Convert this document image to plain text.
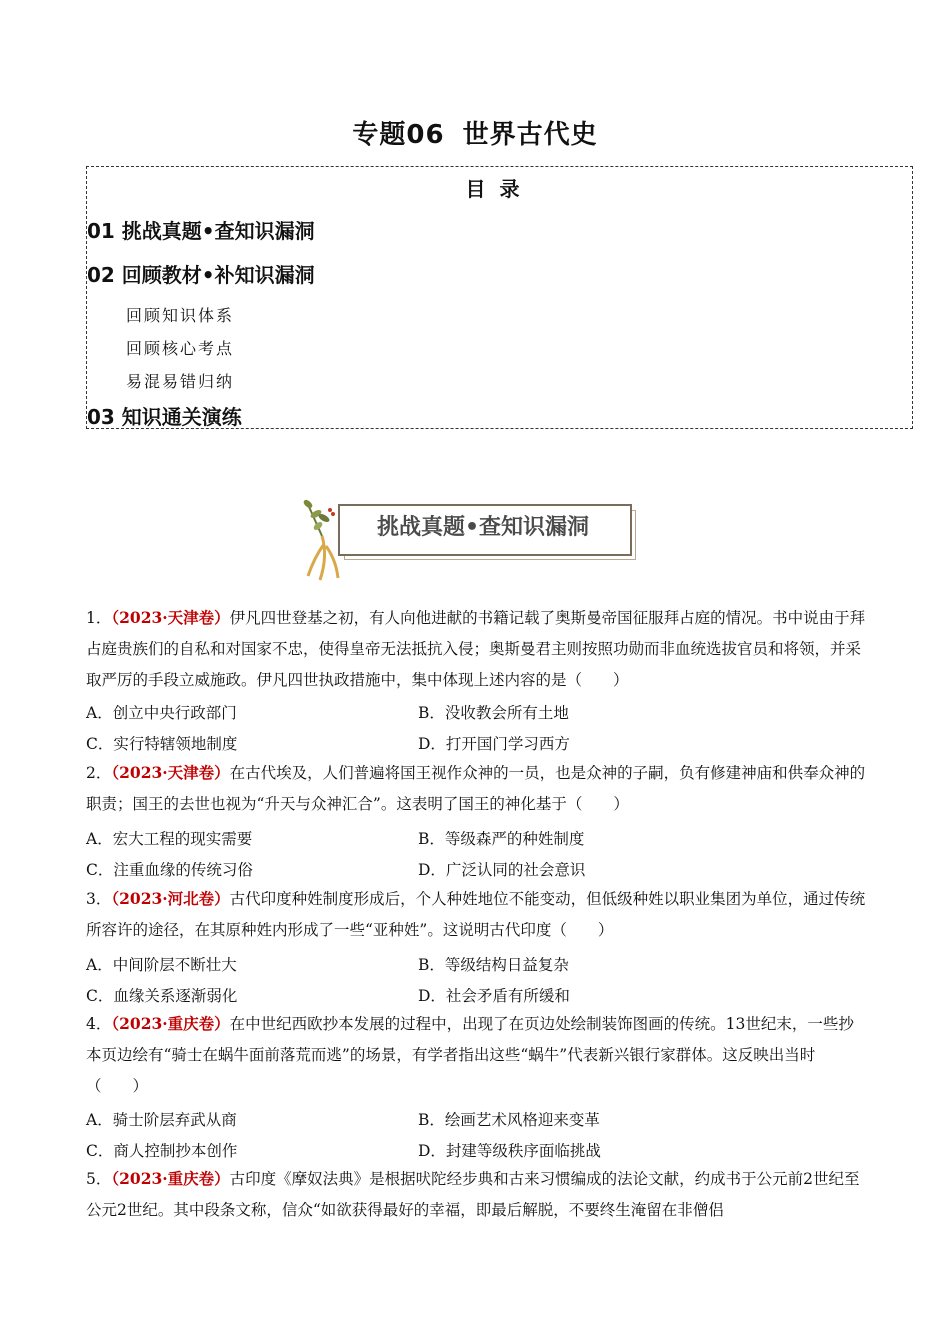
专题06 世界古代史
目录
01 挑战真题•查知识漏洞
02 回顾教材•补知识漏洞
回顾知识体系
回顾核心考点
易混易错归纳
03 知识通关演练
挑战真题•查知识漏洞
1．（2023·天津卷）伊凡四世登基之初，有人向他进献的书籍记载了奥斯曼帝国征服拜占庭的情况。书中说由于拜占庭贵族们的自私和对国家不忠，使得皇帝无法抵抗入侵；奥斯曼君主则按照功勋而非血统选拔官员和将领，并采取严厉的手段立威施政。伊凡四世执政措施中，集中体现上述内容的是（　　）
A．创立中央行政部门	B．没收教会所有土地
C．实行特辖领地制度	D．打开国门学习西方
2．（2023·天津卷）在古代埃及，人们普遍将国王视作众神的一员，也是众神的子嗣，负有修建神庙和供奉众神的职责；国王的去世也视为“升天与众神汇合”。这表明了国王的神化基于（　　）
A．宏大工程的现实需要	B．等级森严的种姓制度
C．注重血缘的传统习俗	D．广泛认同的社会意识
3．（2023·河北卷）古代印度种姓制度形成后，个人种姓地位不能变动，但低级种姓以职业集团为单位，通过传统所容许的途径，在其原种姓内形成了一些“亚种姓”。这说明古代印度（　　）
A．中间阶层不断壮大	B．等级结构日益复杂
C．血缘关系逐渐弱化	D．社会矛盾有所缓和
4．（2023·重庆卷）在中世纪西欧抄本发展的过程中，出现了在页边处绘制装饰图画的传统。13世纪末，一些抄本页边绘有“骑士在蜗牛面前落荒而逃”的场景，有学者指出这些“蜗牛”代表新兴银行家群体。这反映出当时（　　）
A．骑士阶层弃武从商	B．绘画艺术风格迎来变革
C．商人控制抄本创作	D．封建等级秩序面临挑战
5．（2023·重庆卷）古印度《摩奴法典》是根据吠陀经步典和古来习惯编成的法论文献，约成书于公元前2世纪至公元2世纪。其中段条文称，信众“如欲获得最好的幸福，即最后解脱，不要终生淹留在非僧侣
